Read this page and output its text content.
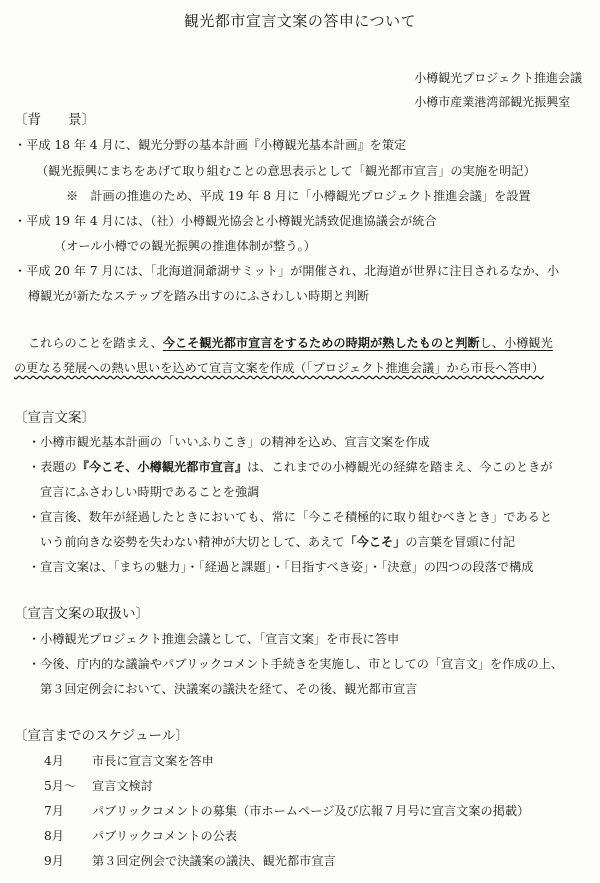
観光都市宣言文案の答申について
小樽観光プロジェクト推進会議
小樽市産業港湾部観光振興室
〔背　　景〕
・平成 18 年 4 月に、観光分野の基本計画『小樽観光基本計画』を策定
（観光振興にまちをあげて取り組むことの意思表示として「観光都市宣言」の実施を明記）
※　計画の推進のため、平成 19 年 8 月に「小樽観光プロジェクト推進会議」を設置
・平成 19 年 4 月には、（社）小樽観光協会と小樽観光誘致促進協議会が統合
（オール小樽での観光振興の推進体制が整う。）
・平成 20 年 7 月には、「北海道洞爺湖サミット」が開催され、北海道が世界に注目されるなか、小
樽観光が新たなステップを踏み出すのにふさわしい時期と判断
これらのことを踏まえ、今こそ観光都市宣言をするための時期が熟したものと判断し、小樽観光
の更なる発展への熱い思いを込めて宣言文案を作成（「プロジェクト推進会議」から市長へ答申）
〔宣言文案〕
・小樽市観光基本計画の「いいふりこき」の精神を込め、宣言文案を作成
・表題の『今こそ、小樽観光都市宣言』は、これまでの小樽観光の経緯を踏まえ、今このときが
宣言にふさわしい時期であることを強調
・宣言後、数年が経過したときにおいても、常に「今こそ積極的に取り組むべきとき」であると
いう前向きな姿勢を失わない精神が大切として、あえて「今こそ」の言葉を冒頭に付記
・宣言文案は、「まちの魅力」・「経過と課題」・「目指すべき姿」・「決意」の四つの段落で構成
〔宣言文案の取扱い〕
・小樽観光プロジェクト推進会議として、「宣言文案」を市長に答申
・今後、庁内的な議論やパブリックコメント手続きを実施し、市としての「宣言文」を作成の上、
第３回定例会において、決議案の議決を経て、その後、観光都市宣言
〔宣言までのスケジュール〕
4月 市長に宣言文案を答申
5月～ 宣言文検討
7月 パブリックコメントの募集（市ホームページ及び広報７月号に宣言文案の掲載）
8月 パブリックコメントの公表
9月 第３回定例会で決議案の議決、観光都市宣言
